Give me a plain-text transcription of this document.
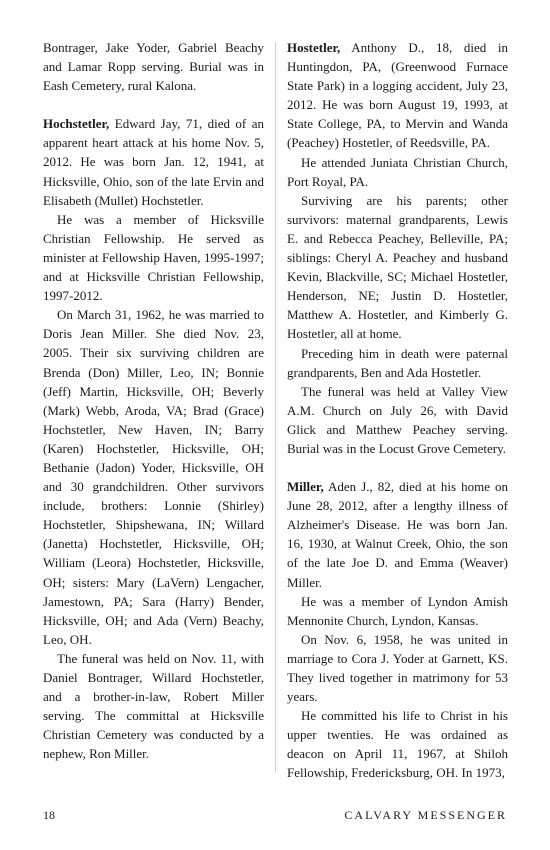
Bontrager, Jake Yoder, Gabriel Beachy and Lamar Ropp serving. Burial was in Eash Cemetery, rural Kalona.

Hochstetler, Edward Jay, 71, died of an apparent heart attack at his home Nov. 5, 2012. He was born Jan. 12, 1941, at Hicksville, Ohio, son of the late Ervin and Elisabeth (Mullet) Hochstetler.

He was a member of Hicksville Christian Fellowship. He served as minister at Fellowship Haven, 1995-1997; and at Hicksville Christian Fellowship, 1997-2012.

On March 31, 1962, he was married to Doris Jean Miller. She died Nov. 23, 2005. Their six surviving children are Brenda (Don) Miller, Leo, IN; Bonnie (Jeff) Martin, Hicksville, OH; Beverly (Mark) Webb, Aroda, VA; Brad (Grace) Hochstetler, New Haven, IN; Barry (Karen) Hochstetler, Hicksville, OH; Bethanie (Jadon) Yoder, Hicksville, OH and 30 grandchildren. Other survivors include, brothers: Lonnie (Shirley) Hochstetler, Shipshewana, IN; Willard (Janetta) Hochstetler, Hicksville, OH; William (Leora) Hochstetler, Hicksville, OH; sisters: Mary (LaVern) Lengacher, Jamestown, PA; Sara (Harry) Bender, Hicksville, OH; and Ada (Vern) Beachy, Leo, OH.

The funeral was held on Nov. 11, with Daniel Bontrager, Willard Hochstetler, and a brother-in-law, Robert Miller serving. The committal at Hicksville Christian Cemetery was conducted by a nephew, Ron Miller.

Hostetler, Anthony D., 18, died in Huntingdon, PA, (Greenwood Furnace State Park) in a logging accident, July 23, 2012. He was born August 19, 1993, at State College, PA, to Mervin and Wanda (Peachey) Hostetler, of Reedsville, PA.

He attended Juniata Christian Church, Port Royal, PA.

Surviving are his parents; other survivors: maternal grandparents, Lewis E. and Rebecca Peachey, Belleville, PA; siblings: Cheryl A. Peachey and husband Kevin, Blackville, SC; Michael Hostetler, Henderson, NE; Justin D. Hostetler, Matthew A. Hostetler, and Kimberly G. Hostetler, all at home.

Preceding him in death were paternal grandparents, Ben and Ada Hostetler.

The funeral was held at Valley View A.M. Church on July 26, with David Glick and Matthew Peachey serving. Burial was in the Locust Grove Cemetery.

Miller, Aden J., 82, died at his home on June 28, 2012, after a lengthy illness of Alzheimer's Disease. He was born Jan. 16, 1930, at Walnut Creek, Ohio, the son of the late Joe D. and Emma (Weaver) Miller.

He was a member of Lyndon Amish Mennonite Church, Lyndon, Kansas.

On Nov. 6, 1958, he was united in marriage to Cora J. Yoder at Garnett, KS. They lived together in matrimony for 53 years.

He committed his life to Christ in his upper twenties. He was ordained as deacon on April 11, 1967, at Shiloh Fellowship, Fredericksburg, OH. In 1973,

18	CALVARY MESSENGER
